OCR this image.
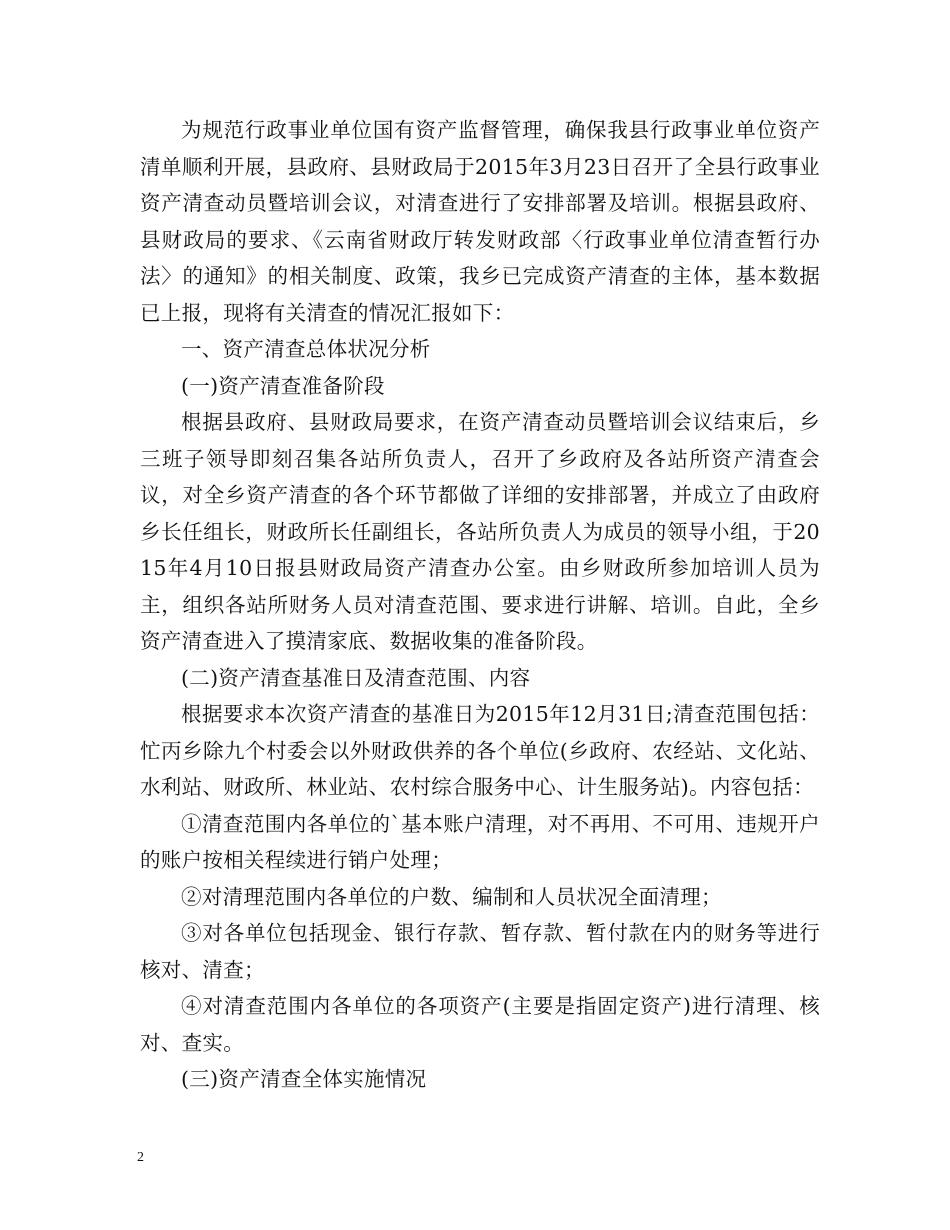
为规范行政事业单位国有资产监督管理，确保我县行政事业单位资产清单顺利开展，县政府、县财政局于2015年3月23日召开了全县行政事业资产清查动员暨培训会议，对清查进行了安排部署及培训。根据县政府、县财政局的要求、《云南省财政厅转发财政部〈行政事业单位清查暂行办法〉的通知》的相关制度、政策，我乡已完成资产清查的主体，基本数据已上报，现将有关清查的情况汇报如下：

一、资产清查总体状况分析

(一)资产清查准备阶段

根据县政府、县财政局要求，在资产清查动员暨培训会议结束后，乡三班子领导即刻召集各站所负责人，召开了乡政府及各站所资产清查会议，对全乡资产清查的各个环节都做了详细的安排部署，并成立了由政府乡长任组长，财政所长任副组长，各站所负责人为成员的领导小组，于2015年4月10日报县财政局资产清查办公室。由乡财政所参加培训人员为主，组织各站所财务人员对清查范围、要求进行讲解、培训。自此，全乡资产清查进入了摸清家底、数据收集的准备阶段。

(二)资产清查基准日及清查范围、内容

根据要求本次资产清查的基准日为2015年12月31日;清查范围包括：忙丙乡除九个村委会以外财政供养的各个单位(乡政府、农经站、文化站、水利站、财政所、林业站、农村综合服务中心、计生服务站)。内容包括：

①清查范围内各单位的`基本账户清理，对不再用、不可用、违规开户的账户按相关程续进行销户处理；

②对清理范围内各单位的户数、编制和人员状况全面清理；

③对各单位包括现金、银行存款、暂存款、暂付款在内的财务等进行核对、清查；

④对清查范围内各单位的各项资产(主要是指固定资产)进行清理、核对、查实。

(三)资产清查全体实施情况

2
